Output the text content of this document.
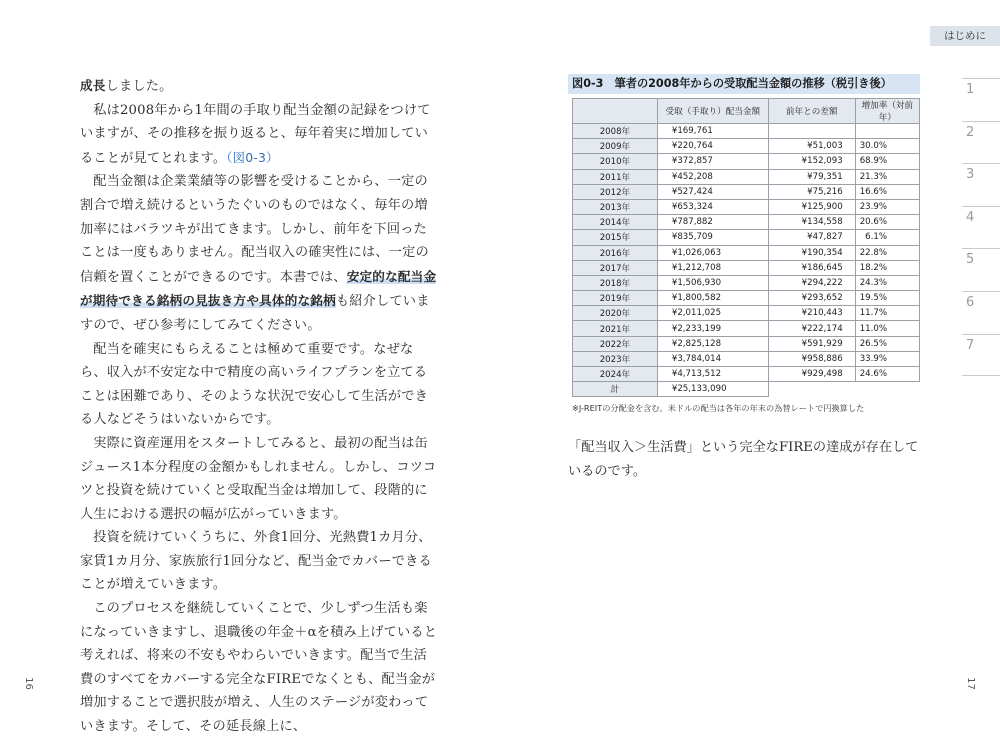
成長しました。

私は2008年から1年間の手取り配当金額の記録をつけていますが、その推移を振り返ると、毎年着実に増加していることが見てとれます。（図0-3）

配当金額は企業業績等の影響を受けることから、一定の割合で増え続けるというたぐいのものではなく、毎年の増加率にはバラツキが出てきます。しかし、前年を下回ったことは一度もありません。配当収入の確実性には、一定の信頼を置くことができるのです。本書では、安定的な配当金が期待できる銘柄の見抜き方や具体的な銘柄も紹介していますので、ぜひ参考にしてみてください。

配当を確実にもらえることは極めて重要です。なぜなら、収入が不安定な中で精度の高いライフプランを立てることは困難であり、そのような状況で安心して生活ができる人などそうはいないからです。

実際に資産運用をスタートしてみると、最初の配当は缶ジュース1本分程度の金額かもしれません。しかし、コツコツと投資を続けていくと受取配当金は増加して、段階的に人生における選択の幅が広がっていきます。

投資を続けていくうちに、外食1回分、光熱費1カ月分、家賃1カ月分、家族旅行1回分など、配当金でカバーできることが増えていきます。

このプロセスを継続していくことで、少しずつ生活も楽になっていきますし、退職後の年金＋αを積み上げていると考えれば、将来の不安もやわらいでいきます。配当で生活費のすべてをカバーする完全なFIREでなくとも、配当金が増加することで選択肢が増え、人生のステージが変わっていきます。そして、その延長線上に、

16
はじめに
1
2
3
4
5
6
7
図0-3　筆者の2008年からの受取配当金額の推移（税引き後）
	受取（手取り）配当金額	前年との差額	増加率（対前年）
2008年	¥169,761		
2009年	¥220,764	¥51,003	30.0%
2010年	¥372,857	¥152,093	68.9%
2011年	¥452,208	¥79,351	21.3%
2012年	¥527,424	¥75,216	16.6%
2013年	¥653,324	¥125,900	23.9%
2014年	¥787,882	¥134,558	20.6%
2015年	¥835,709	¥47,827	6.1%
2016年	¥1,026,063	¥190,354	22.8%
2017年	¥1,212,708	¥186,645	18.2%
2018年	¥1,506,930	¥294,222	24.3%
2019年	¥1,800,582	¥293,652	19.5%
2020年	¥2,011,025	¥210,443	11.7%
2021年	¥2,233,199	¥222,174	11.0%
2022年	¥2,825,128	¥591,929	26.5%
2023年	¥3,784,014	¥958,886	33.9%
2024年	¥4,713,512	¥929,498	24.6%
計	¥25,133,090		
※J-REITの分配金を含む。米ドルの配当は各年の年末の為替レートで円換算した

「配当収入＞生活費」という完全なFIREの達成が存在しているのです。

17
